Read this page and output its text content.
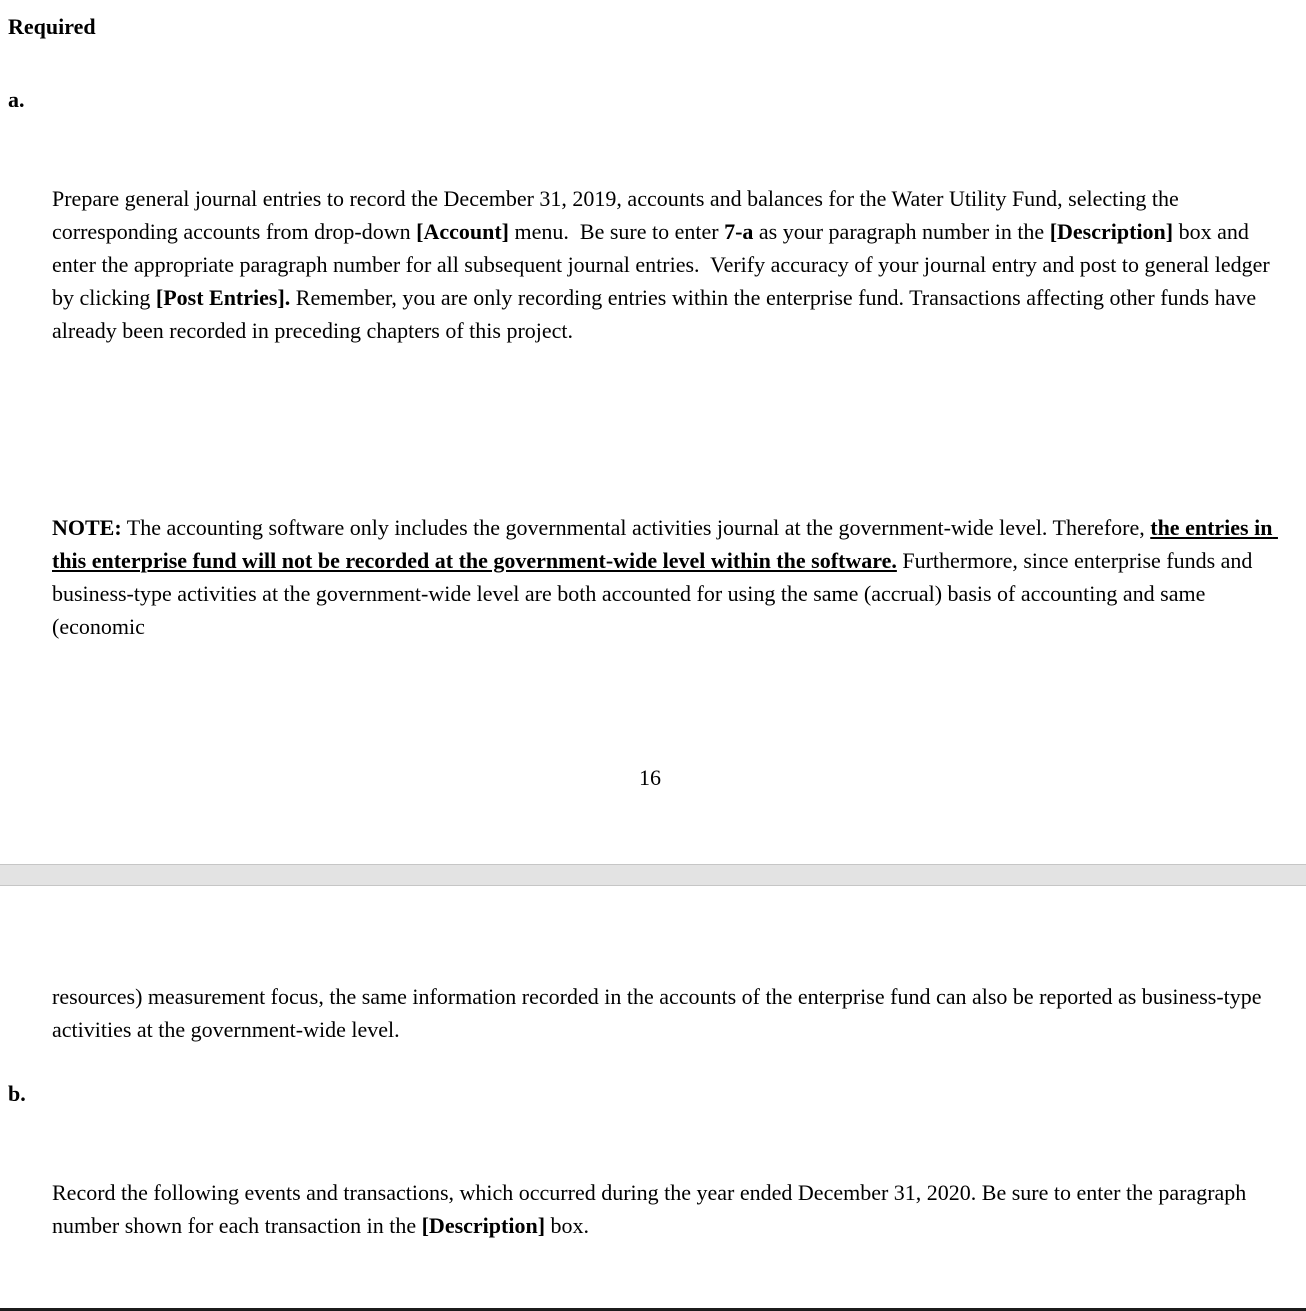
Required

a.

Prepare general journal entries to record the December 31, 2019, accounts and balances for the Water Utility Fund, selecting the corresponding accounts from drop-down [Account] menu.  Be sure to enter 7-a as your paragraph number in the [Description] box and enter the appropriate paragraph number for all subsequent journal entries.  Verify accuracy of your journal entry and post to general ledger by clicking [Post Entries]. Remember, you are only recording entries within the enterprise fund. Transactions affecting other funds have already been recorded in preceding chapters of this project.

NOTE: The accounting software only includes the governmental activities journal at the government-wide level. Therefore, the entries in this enterprise fund will not be recorded at the government-wide level within the software. Furthermore, since enterprise funds and business-type activities at the government-wide level are both accounted for using the same (accrual) basis of accounting and same (economic

16

resources) measurement focus, the same information recorded in the accounts of the enterprise fund can also be reported as business-type activities at the government-wide level.

b.

Record the following events and transactions, which occurred during the year ended December 31, 2020. Be sure to enter the paragraph number shown for each transaction in the [Description] box.
